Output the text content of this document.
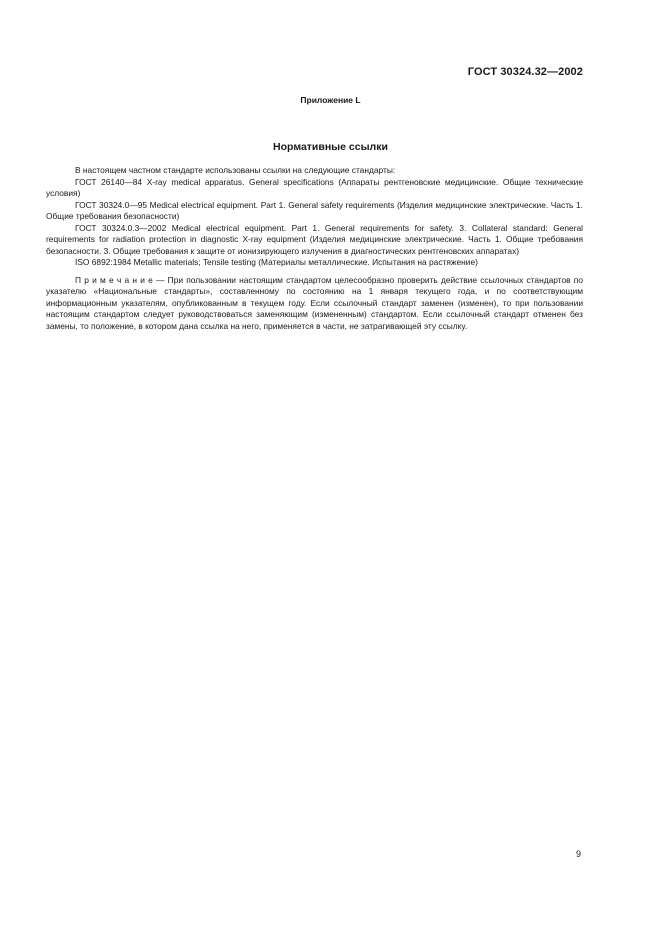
ГОСТ 30324.32—2002
Приложение L
Нормативные ссылки

В настоящем частном стандарте использованы ссылки на следующие стандарты:

ГОСТ 26140—84 X-ray medical apparatus. General specifications (Аппараты рентгеновские медицинские. Общие технические условия)

ГОСТ 30324.0—95 Medical electrical equipment. Part 1. General safety requirements (Изделия медицинские электрические. Часть 1. Общие требования безопасности)

ГОСТ 30324.0.3—2002 Medical electrical equipment. Part 1. General requirements for safety. 3. Collateral standard: General requirements for radiation protection in diagnostic X-ray equipment (Изделия медицинские электрические. Часть 1. Общие требования безопасности. 3. Общие требования к защите от ионизирующего излучения в диагностических рентгеновских аппаратах)

ISO 6892:1984 Metallic materials; Tensile testing (Материалы металлические. Испытания на растяжение)

П р и м е ч а н и е — При пользовании настоящим стандартом целесообразно проверить действие ссылочных стандартов по указателю «Национальные стандарты», составленному по состоянию на 1 января текущего года, и по соответствующим информационным указателям, опубликованным в текущем году. Если ссылочный стандарт заменен (изменен), то при пользовании настоящим стандартом следует руководствоваться заменяющим (измененным) стандартом. Если ссылочный стандарт отменен без замены, то положение, в котором дана ссылка на него, применяется в части, не затрагивающей эту ссылку.

9
